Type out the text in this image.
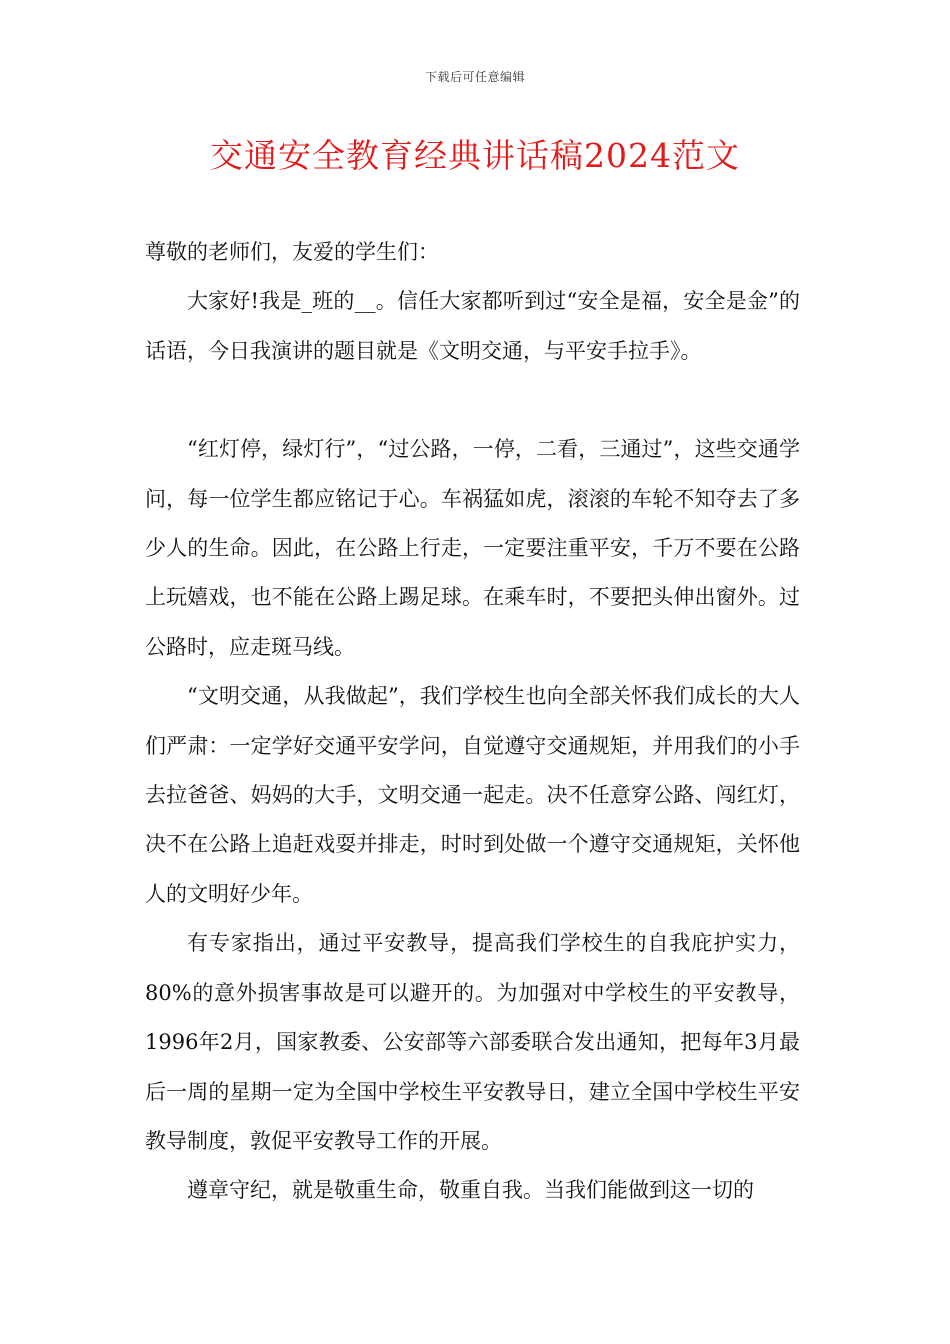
下载后可任意编辑
交通安全教育经典讲话稿2024范文

尊敬的老师们，友爱的学生们：

大家好!我是_班的__。信任大家都听到过“安全是福，安全是金”的话语，今日我演讲的题目就是《文明交通，与平安手拉手》。

“红灯停，绿灯行”，“过公路，一停，二看，三通过”，这些交通学问，每一位学生都应铭记于心。车祸猛如虎，滚滚的车轮不知夺去了多少人的生命。因此，在公路上行走，一定要注重平安，千万不要在公路上玩嬉戏，也不能在公路上踢足球。在乘车时，不要把头伸出窗外。过公路时，应走斑马线。

“文明交通，从我做起”，我们学校生也向全部关怀我们成长的大人们严肃：一定学好交通平安学问，自觉遵守交通规矩，并用我们的小手去拉爸爸、妈妈的大手，文明交通一起走。决不任意穿公路、闯红灯，决不在公路上追赶戏耍并排走，时时到处做一个遵守交通规矩，关怀他人的文明好少年。

有专家指出，通过平安教导，提高我们学校生的自我庇护实力，80%的意外损害事故是可以避开的。为加强对中学校生的平安教导，1996年2月，国家教委、公安部等六部委联合发出通知，把每年3月最后一周的星期一定为全国中学校生平安教导日，建立全国中学校生平安教导制度，敦促平安教导工作的开展。

遵章守纪，就是敬重生命，敬重自我。当我们能做到这一切的
